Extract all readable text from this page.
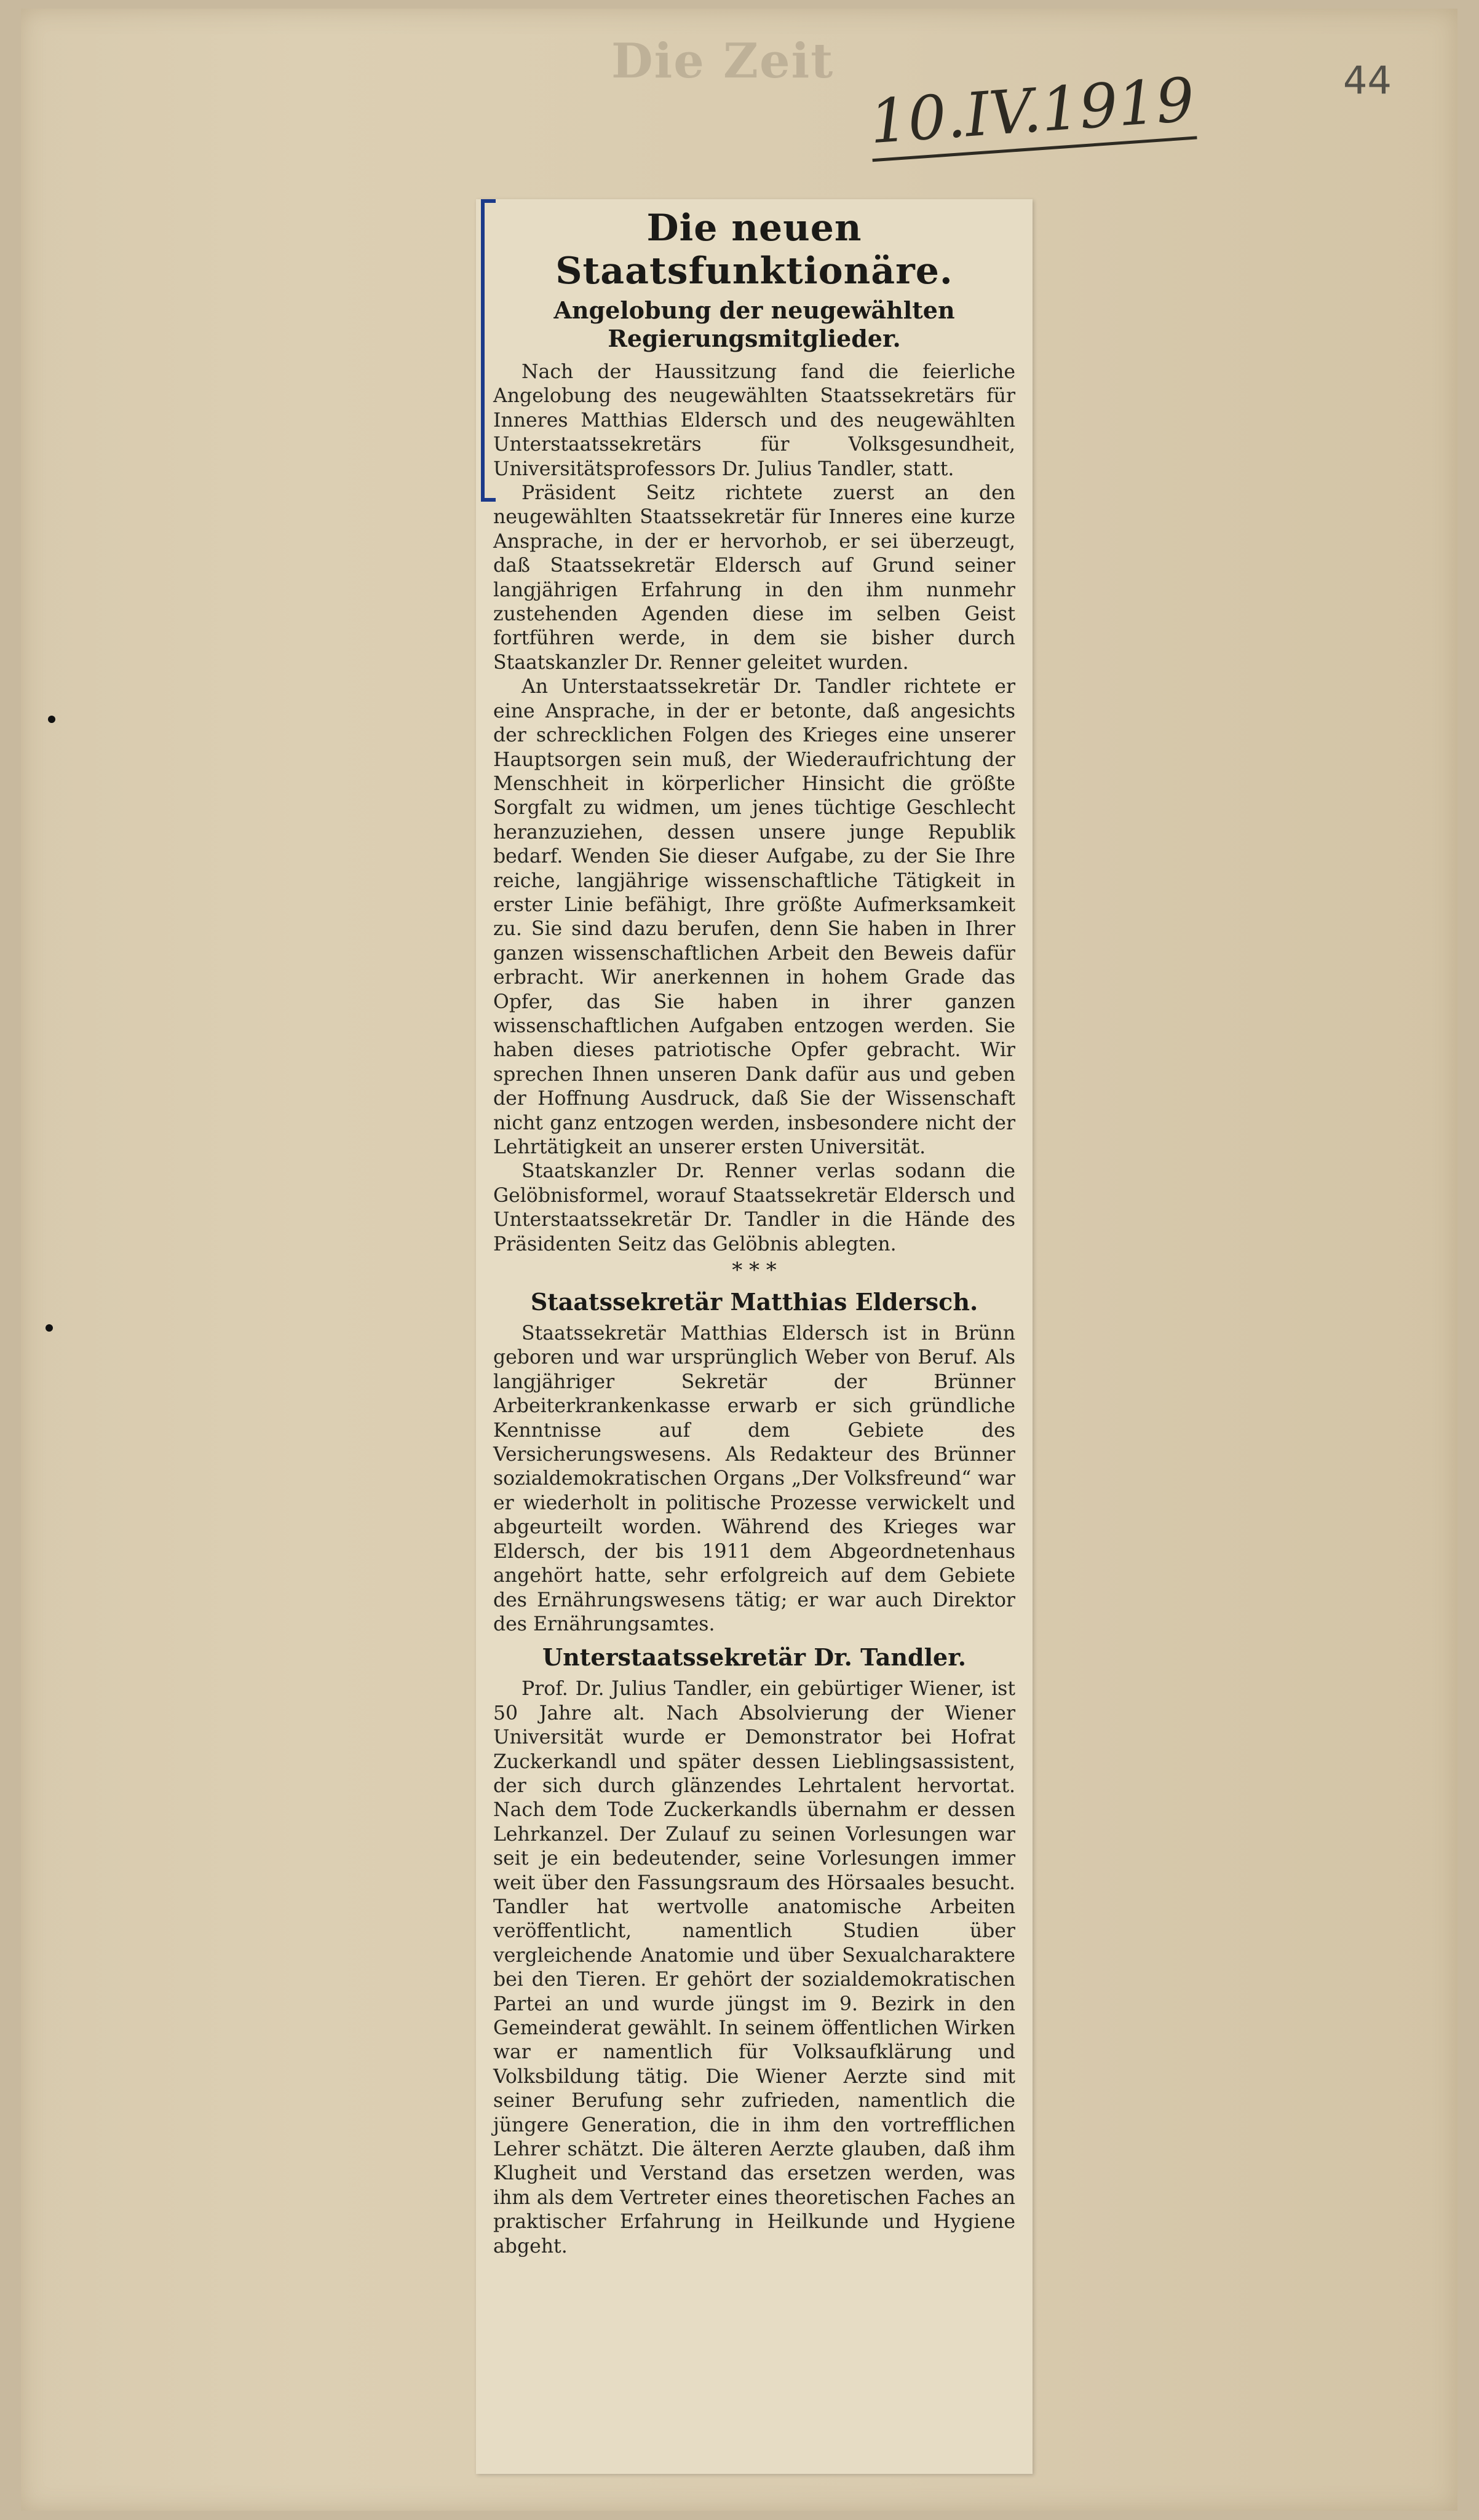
Die Zeit
10.IV.1919	44
Die neuen Staatsfunktionäre.
Angelobung der neugewählten Regierungsmitglieder.

Nach der Haussitzung fand die feierliche Angelobung des neugewählten Staatssekretärs für Inneres Matthias Eldersch und des neugewählten Unterstaatssekretärs für Volksgesundheit, Universitätsprofessors Dr. Julius Tandler, statt.

Präsident Seitz richtete zuerst an den neugewählten Staatssekretär für Inneres eine kurze Ansprache, in der er hervorhob, er sei überzeugt, daß Staatssekretär Eldersch auf Grund seiner langjährigen Erfahrung in den ihm nunmehr zustehenden Agenden diese im selben Geist fortführen werde, in dem sie bisher durch Staatskanzler Dr. Renner geleitet wurden.

An Unterstaatssekretär Dr. Tandler richtete er eine Ansprache, in der er betonte, daß angesichts der schrecklichen Folgen des Krieges eine unserer Hauptsorgen sein muß, der Wiederaufrichtung der Menschheit in körperlicher Hinsicht die größte Sorgfalt zu widmen, um jenes tüchtige Geschlecht heranzuziehen, dessen unsere junge Republik bedarf. Wenden Sie dieser Aufgabe, zu der Sie Ihre reiche, langjährige wissenschaftliche Tätigkeit in erster Linie befähigt, Ihre größte Aufmerksamkeit zu. Sie sind dazu berufen, denn Sie haben in Ihrer ganzen wissenschaftlichen Arbeit den Beweis dafür erbracht. Wir anerkennen in hohem Grade das Opfer, das Sie haben in ihrer ganzen wissenschaftlichen Aufgaben entzogen werden. Sie haben dieses patriotische Opfer gebracht. Wir sprechen Ihnen unseren Dank dafür aus und geben der Hoffnung Ausdruck, daß Sie der Wissenschaft nicht ganz entzogen werden, insbesondere nicht der Lehrtätigkeit an unserer ersten Universität.

Staatskanzler Dr. Renner verlas sodann die Gelöbnisformel, worauf Staatssekretär Eldersch und Unterstaatssekretär Dr. Tandler in die Hände des Präsidenten Seitz das Gelöbnis ablegten.

* * *
Staatssekretär Matthias Eldersch.

Staatssekretär Matthias Eldersch ist in Brünn geboren und war ursprünglich Weber von Beruf. Als langjähriger Sekretär der Brünner Arbeiterkrankenkasse erwarb er sich gründliche Kenntnisse auf dem Gebiete des Versicherungswesens. Als Redakteur des Brünner sozialdemokratischen Organs „Der Volksfreund“ war er wiederholt in politische Prozesse verwickelt und abgeurteilt worden. Während des Krieges war Eldersch, der bis 1911 dem Abgeordnetenhaus angehört hatte, sehr erfolgreich auf dem Gebiete des Ernährungswesens tätig; er war auch Direktor des Ernährungsamtes.

Unterstaatssekretär Dr. Tandler.

Prof. Dr. Julius Tandler, ein gebürtiger Wiener, ist 50 Jahre alt. Nach Absolvierung der Wiener Universität wurde er Demonstrator bei Hofrat Zuckerkandl und später dessen Lieblingsassistent, der sich durch glänzendes Lehrtalent hervortat. Nach dem Tode Zuckerkandls übernahm er dessen Lehrkanzel. Der Zulauf zu seinen Vorlesungen war seit je ein bedeutender, seine Vorlesungen immer weit über den Fassungsraum des Hörsaales besucht. Tandler hat wertvolle anatomische Arbeiten veröffentlicht, namentlich Studien über vergleichende Anatomie und über Sexualcharaktere bei den Tieren. Er gehört der sozialdemokratischen Partei an und wurde jüngst im 9. Bezirk in den Gemeinderat gewählt. In seinem öffentlichen Wirken war er namentlich für Volksaufklärung und Volksbildung tätig. Die Wiener Aerzte sind mit seiner Berufung sehr zufrieden, namentlich die jüngere Generation, die in ihm den vortrefflichen Lehrer schätzt. Die älteren Aerzte glauben, daß ihm Klugheit und Verstand das ersetzen werden, was ihm als dem Vertreter eines theoretischen Faches an praktischer Erfahrung in Heilkunde und Hygiene abgeht.
